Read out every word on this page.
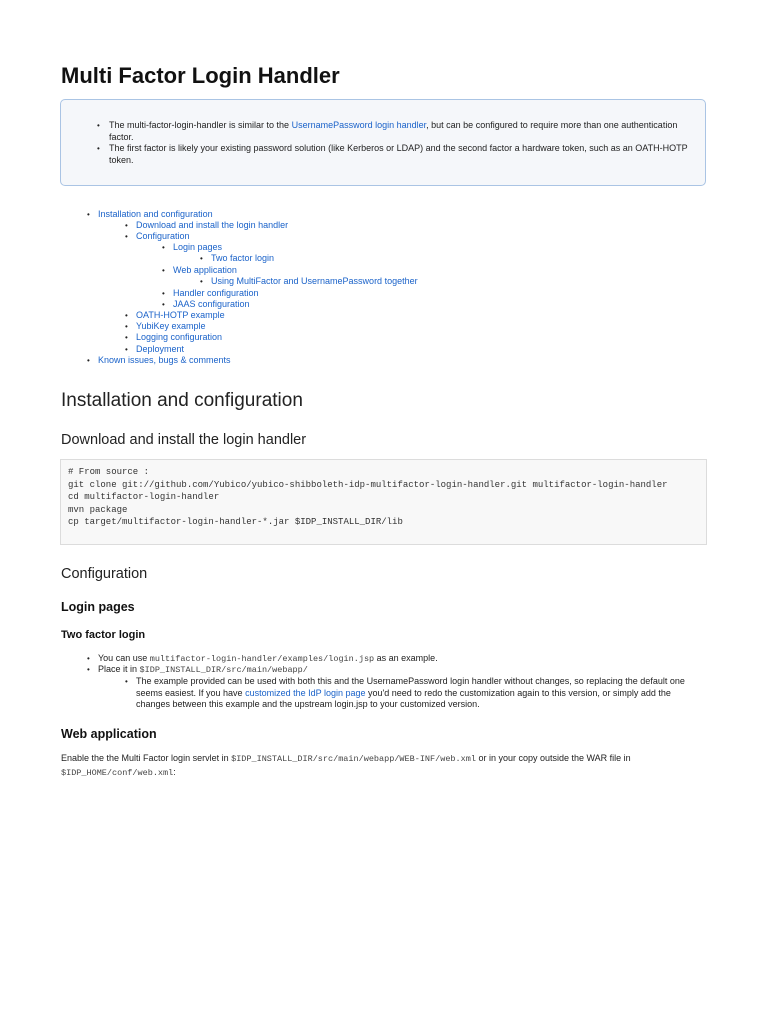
Multi Factor Login Handler
• The multi-factor-login-handler is similar to the UsernamePassword login handler, but can be configured to require more than one authentication factor.
• The first factor is likely your existing password solution (like Kerberos or LDAP) and the second factor a hardware token, such as an OATH-HOTP token.
• Installation and configuration
• Download and install the login handler
• Configuration
• Login pages
• Two factor login
• Web application
• Using MultiFactor and UsernamePassword together
• Handler configuration
• JAAS configuration
• OATH-HOTP example
• YubiKey example
• Logging configuration
• Deployment
• Known issues, bugs & comments
Installation and configuration
Download and install the login handler
# From source :
git clone git://github.com/Yubico/yubico-shibboleth-idp-multifactor-login-handler.git multifactor-login-handler
cd multifactor-login-handler
mvn package
cp target/multifactor-login-handler-*.jar $IDP_INSTALL_DIR/lib
Configuration
Login pages
Two factor login
• You can use multifactor-login-handler/examples/login.jsp as an example.
• Place it in $IDP_INSTALL_DIR/src/main/webapp/
• The example provided can be used with both this and the UsernamePassword login handler without changes, so replacing the default one seems easiest. If you have customized the IdP login page you'd need to redo the customization again to this version, or simply add the changes between this example and the upstream login.jsp to your customized version.
Web application
Enable the the Multi Factor login servlet in $IDP_INSTALL_DIR/src/main/webapp/WEB-INF/web.xml or in your copy outside the WAR file in $IDP_HOME/conf/web.xml:
